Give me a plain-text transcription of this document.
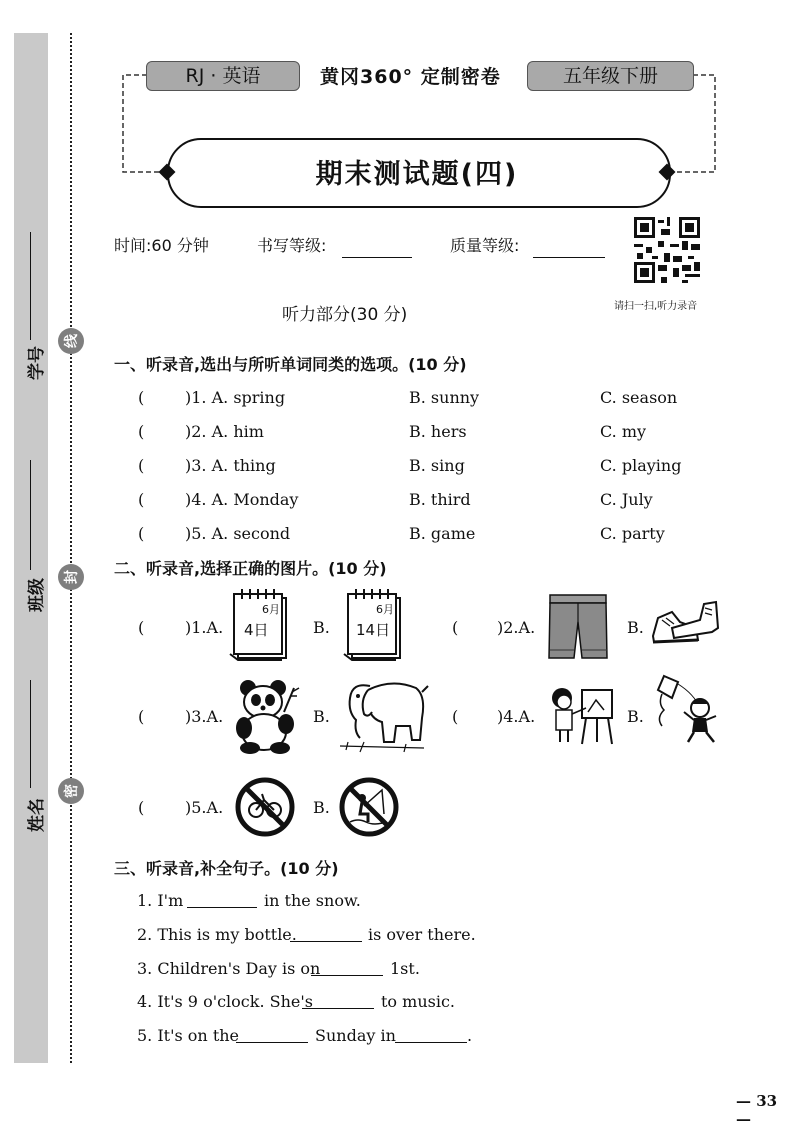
学号
班级
姓名
线
封
密
RJ · 英语	黄冈360° 定制密卷	五年级下册
期末测试题(四)
时间:60 分钟	书写等级:	质量等级:
请扫一扫,听力录音
听力部分(30 分)
一、听录音,选出与所听单词同类的选项。(10 分)
(	)1. A. spring	B. sunny	C. season
(	)2. A. him	B. hers	C. my
(	)3. A. thing	B. sing	C. playing
(	)4. A. Monday	B. third	C. July
(	)5. A. second	B. game	C. party
二、听录音,选择正确的图片。(10 分)
(	)1.A.
6月
4日	B.
6月
14日	( )2.A.	B.
(	)3.A.	B.	( )4.A.	B.
(	)5.A.	B.
三、听录音,补全句子。(10 分)
1. I'm	in the snow.
2. This is my bottle.	is over there.
3. Children's Day is on	1st.
4. It's 9 o'clock. She's	to music.
5. It's on the	Sunday in	.
— 33 —
